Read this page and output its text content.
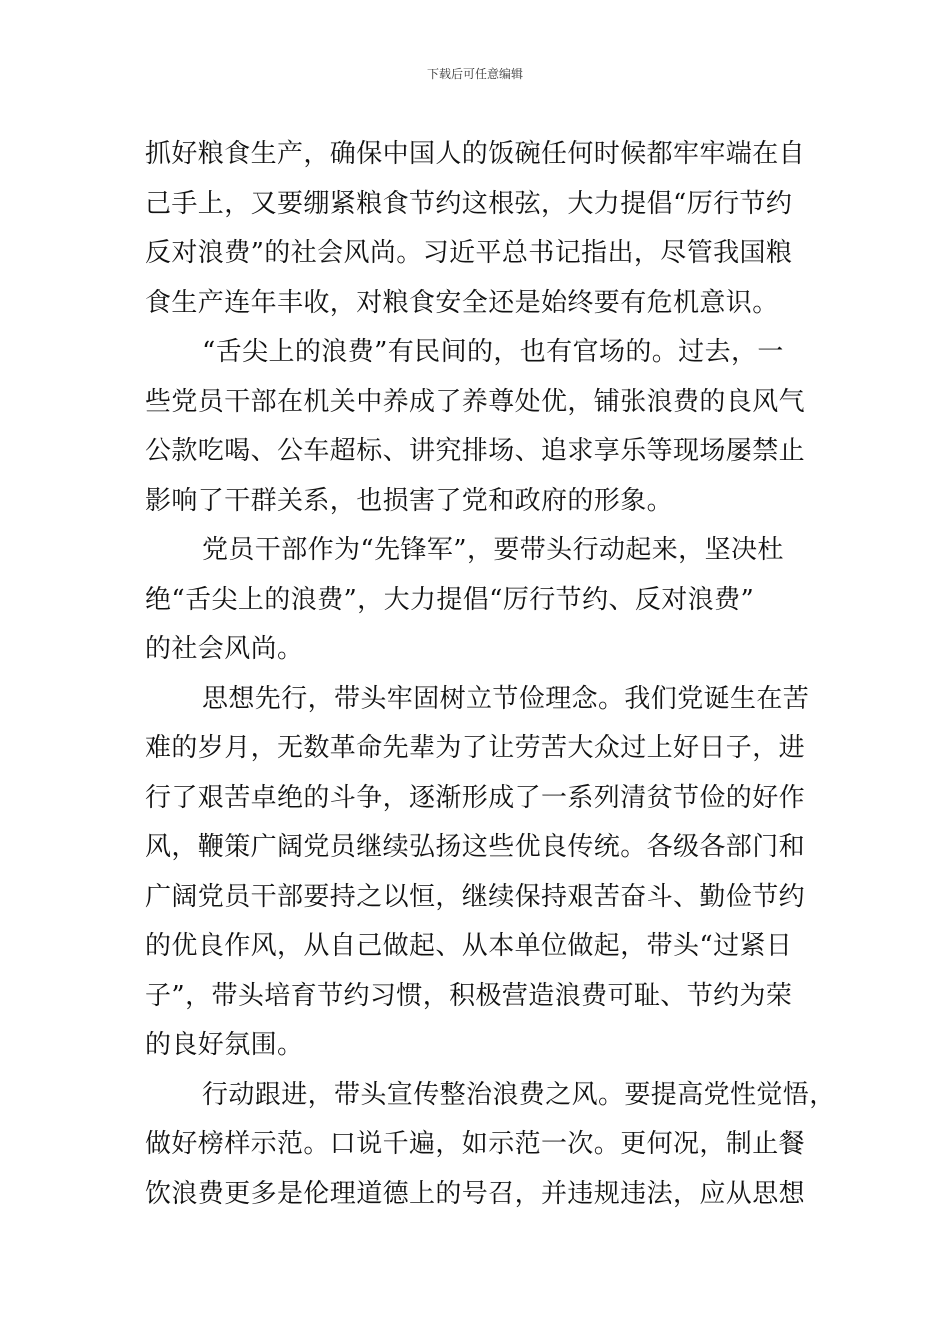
下载后可任意编辑
抓好粮食生产，确保中国人的饭碗任何时候都牢牢端在自
己手上，又要绷紧粮食节约这根弦，大力提倡“厉行节约
反对浪费”的社会风尚。习近平总书记指出，尽管我国粮
食生产连年丰收，对粮食安全还是始终要有危机意识。
“舌尖上的浪费”有民间的，也有官场的。过去，一
些党员干部在机关中养成了养尊处优，铺张浪费的良风气
公款吃喝、公车超标、讲究排场、追求享乐等现场屡禁止
影响了干群关系，也损害了党和政府的形象。
党员干部作为“先锋军”，要带头行动起来，坚决杜
绝“舌尖上的浪费”，大力提倡“厉行节约、反对浪费”
的社会风尚。
思想先行，带头牢固树立节俭理念。我们党诞生在苦
难的岁月，无数革命先辈为了让劳苦大众过上好日子，进
行了艰苦卓绝的斗争，逐渐形成了一系列清贫节俭的好作
风，鞭策广阔党员继续弘扬这些优良传统。各级各部门和
广阔党员干部要持之以恒，继续保持艰苦奋斗、勤俭节约
的优良作风，从自己做起、从本单位做起，带头“过紧日
子”，带头培育节约习惯，积极营造浪费可耻、节约为荣
的良好氛围。
行动跟进，带头宣传整治浪费之风。要提高党性觉悟，
做好榜样示范。口说千遍，如示范一次。更何况，制止餐
饮浪费更多是伦理道德上的号召，并违规违法，应从思想
